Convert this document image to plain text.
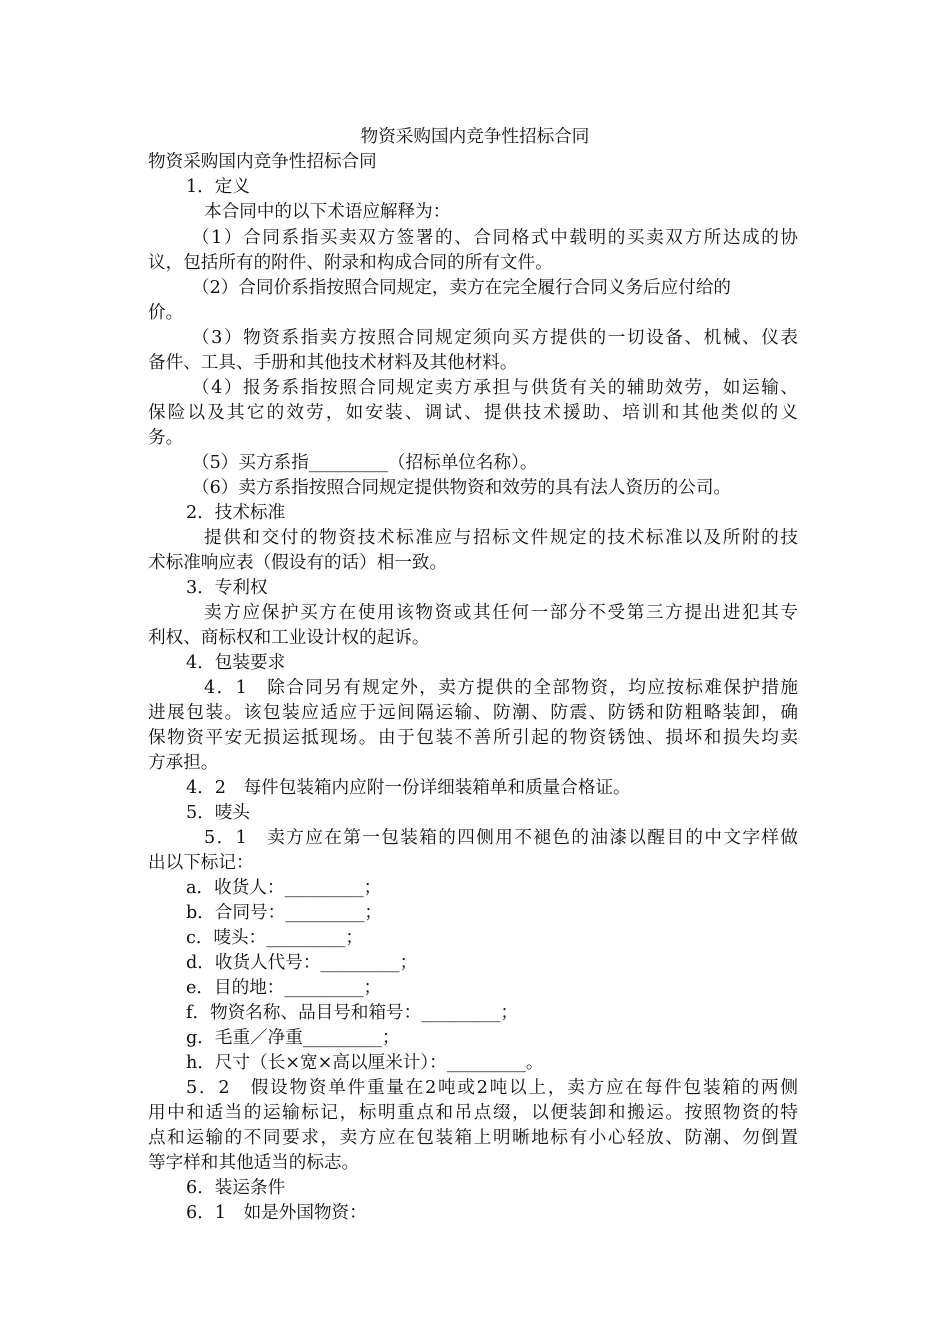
物资采购国内竞争性招标合同
物资采购国内竞争性招标合同
1．定义
本合同中的以下术语应解释为：
（1）合同系指买卖双方签署的、合同格式中载明的买卖双方所达成的协
议，包括所有的附件、附录和构成合同的所有文件。
（2）合同价系指按照合同规定，卖方在完全履行合同义务后应付给的
价。
（3）物资系指卖方按照合同规定须向买方提供的一切设备、机械、仪表
备件、工具、手册和其他技术材料及其他材料。
（4）报务系指按照合同规定卖方承担与供货有关的辅助效劳，如运输、
保险以及其它的效劳，如安装、调试、提供技术援助、培训和其他类似的义
务。
（5）买方系指_________（招标单位名称）。
（6）卖方系指按照合同规定提供物资和效劳的具有法人资历的公司。
2．技术标准
提供和交付的物资技术标准应与招标文件规定的技术标准以及所附的技
术标准响应表（假设有的话）相一致。
3．专利权
卖方应保护买方在使用该物资或其任何一部分不受第三方提出进犯其专
利权、商标权和工业设计权的起诉。
4．包装要求
4．1　除合同另有规定外，卖方提供的全部物资，均应按标难保护措施
进展包装。该包装应适应于远间隔运输、防潮、防震、防锈和防粗略装卸，确
保物资平安无损运抵现场。由于包装不善所引起的物资锈蚀、损坏和损失均卖
方承担。
4．2　每件包装箱内应附一份详细装箱单和质量合格证。
5．唛头
5．1　卖方应在第一包装箱的四侧用不褪色的油漆以醒目的中文字样做
出以下标记：
a．收货人：_________；
b．合同号：_________；
c．唛头：_________；
d．收货人代号：_________；
e．目的地：_________；
f．物资名称、品目号和箱号：_________；
g．毛重／净重_________；
h．尺寸（长×宽×高以厘米计）：_________。
5．2　假设物资单件重量在2吨或2吨以上，卖方应在每件包装箱的两侧
用中和适当的运输标记，标明重点和吊点缀，以便装卸和搬运。按照物资的特
点和运输的不同要求，卖方应在包装箱上明晰地标有小心轻放、防潮、勿倒置
等字样和其他适当的标志。
6．装运条件
6．1　如是外国物资：
